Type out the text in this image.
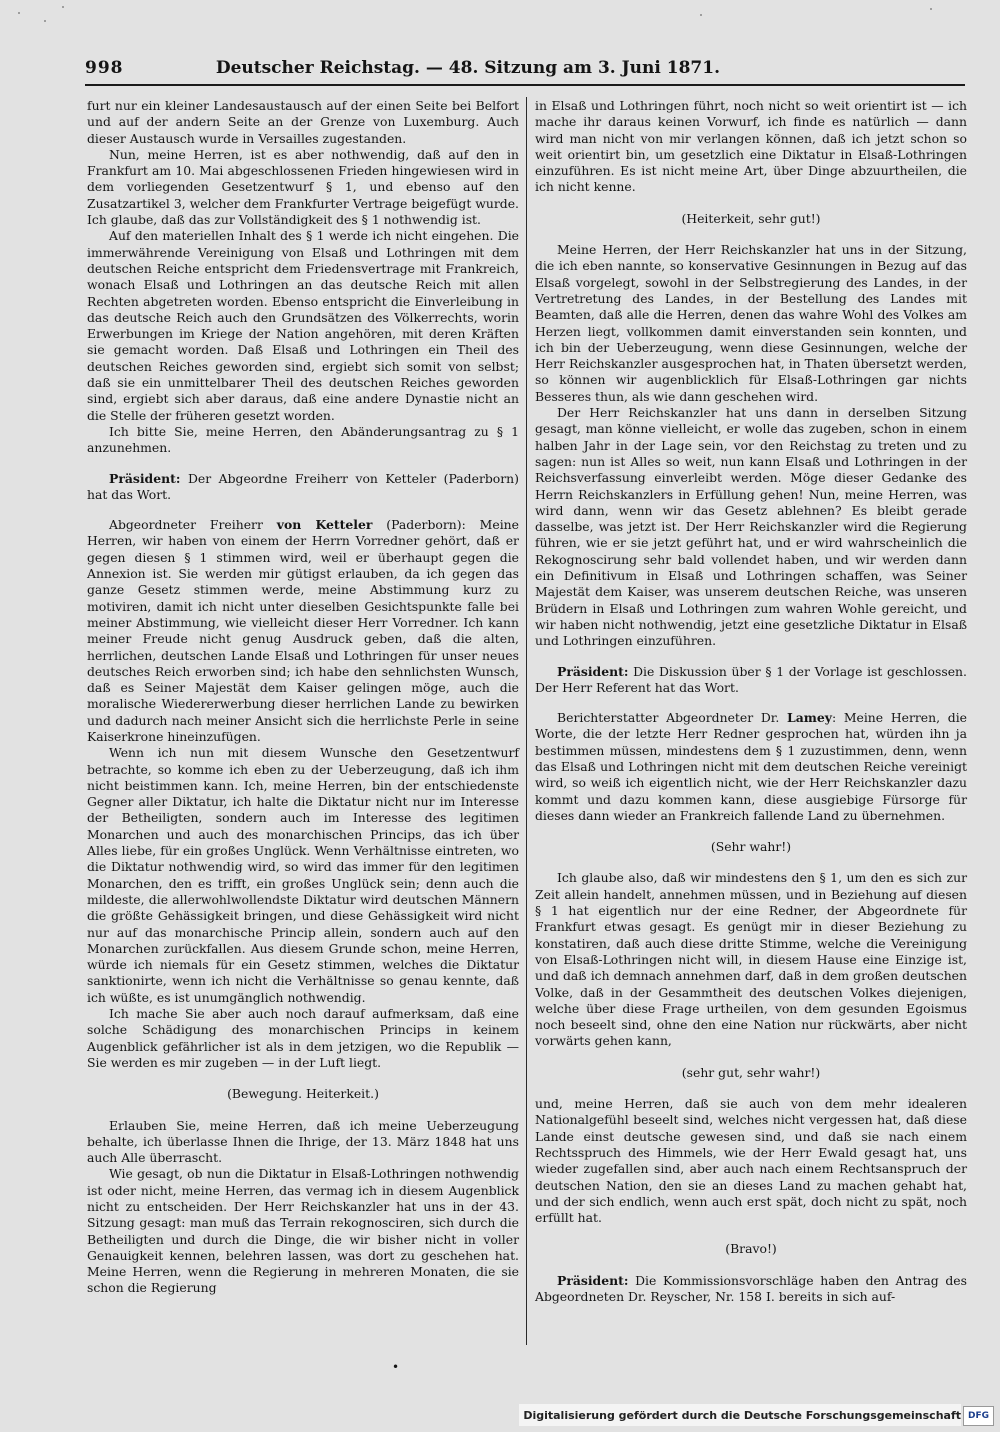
998	Deutscher Reichstag. — 48. Sitzung am 3. Juni 1871.

furt nur ein kleiner Landesaustausch auf der einen Seite bei Belfort und auf der andern Seite an der Grenze von Luxemburg. Auch dieser Austausch wurde in Versailles zugestanden.

Nun, meine Herren, ist es aber nothwendig, daß auf den in Frankfurt am 10. Mai abgeschlossenen Frieden hingewiesen wird in dem vorliegenden Gesetzentwurf § 1, und ebenso auf den Zusatzartikel 3, welcher dem Frankfurter Vertrage beigefügt wurde. Ich glaube, daß das zur Vollständigkeit des § 1 nothwendig ist.

Auf den materiellen Inhalt des § 1 werde ich nicht eingehen. Die immerwährende Vereinigung von Elsaß und Lothringen mit dem deutschen Reiche entspricht dem Friedensvertrage mit Frankreich, wonach Elsaß und Lothringen an das deutsche Reich mit allen Rechten abgetreten worden. Ebenso entspricht die Einverleibung in das deutsche Reich auch den Grundsätzen des Völkerrechts, worin Erwerbungen im Kriege der Nation angehören, mit deren Kräften sie gemacht worden. Daß Elsaß und Lothringen ein Theil des deutschen Reiches geworden sind, ergiebt sich somit von selbst; daß sie ein unmittelbarer Theil des deutschen Reiches geworden sind, ergiebt sich aber daraus, daß eine andere Dynastie nicht an die Stelle der früheren gesetzt worden.

Ich bitte Sie, meine Herren, den Abänderungsantrag zu § 1 anzunehmen.

Präsident: Der Abgeordne Freiherr von Ketteler (Paderborn) hat das Wort.

Abgeordneter Freiherr von Ketteler (Paderborn): Meine Herren, wir haben von einem der Herrn Vorredner gehört, daß er gegen diesen § 1 stimmen wird, weil er überhaupt gegen die Annexion ist. Sie werden mir gütigst erlauben, da ich gegen das ganze Gesetz stimmen werde, meine Abstimmung kurz zu motiviren, damit ich nicht unter dieselben Gesichtspunkte falle bei meiner Abstimmung, wie vielleicht dieser Herr Vorredner. Ich kann meiner Freude nicht genug Ausdruck geben, daß die alten, herrlichen, deutschen Lande Elsaß und Lothringen für unser neues deutsches Reich erworben sind; ich habe den sehnlichsten Wunsch, daß es Seiner Majestät dem Kaiser gelingen möge, auch die moralische Wiedererwerbung dieser herrlichen Lande zu bewirken und dadurch nach meiner Ansicht sich die herrlichste Perle in seine Kaiserkrone hineinzufügen.

Wenn ich nun mit diesem Wunsche den Gesetzentwurf betrachte, so komme ich eben zu der Ueberzeugung, daß ich ihm nicht beistimmen kann. Ich, meine Herren, bin der entschiedenste Gegner aller Diktatur, ich halte die Diktatur nicht nur im Interesse der Betheiligten, sondern auch im Interesse des legitimen Monarchen und auch des monarchischen Princips, das ich über Alles liebe, für ein großes Unglück. Wenn Verhältnisse eintreten, wo die Diktatur nothwendig wird, so wird das immer für den legitimen Monarchen, den es trifft, ein großes Unglück sein; denn auch die mildeste, die allerwohlwollendste Diktatur wird deutschen Männern die größte Gehässigkeit bringen, und diese Gehässigkeit wird nicht nur auf das monarchische Princip allein, sondern auch auf den Monarchen zurückfallen. Aus diesem Grunde schon, meine Herren, würde ich niemals für ein Gesetz stimmen, welches die Diktatur sanktionirte, wenn ich nicht die Verhältnisse so genau kennte, daß ich wüßte, es ist unumgänglich nothwendig.

Ich mache Sie aber auch noch darauf aufmerksam, daß eine solche Schädigung des monarchischen Princips in keinem Augenblick gefährlicher ist als in dem jetzigen, wo die Republik — Sie werden es mir zugeben — in der Luft liegt.

(Bewegung. Heiterkeit.)

Erlauben Sie, meine Herren, daß ich meine Ueberzeugung behalte, ich überlasse Ihnen die Ihrige, der 13. März 1848 hat uns auch Alle überrascht.

Wie gesagt, ob nun die Diktatur in Elsaß-Lothringen nothwendig ist oder nicht, meine Herren, das vermag ich in diesem Augenblick nicht zu entscheiden. Der Herr Reichskanzler hat uns in der 43. Sitzung gesagt: man muß das Terrain rekognosciren, sich durch die Betheiligten und durch die Dinge, die wir bisher nicht in voller Genauigkeit kennen, belehren lassen, was dort zu geschehen hat. Meine Herren, wenn die Regierung in mehreren Monaten, die sie schon die Regierung

in Elsaß und Lothringen führt, noch nicht so weit orientirt ist — ich mache ihr daraus keinen Vorwurf, ich finde es natürlich — dann wird man nicht von mir verlangen können, daß ich jetzt schon so weit orientirt bin, um gesetzlich eine Diktatur in Elsaß-Lothringen einzuführen. Es ist nicht meine Art, über Dinge abzuurtheilen, die ich nicht kenne.

(Heiterkeit, sehr gut!)

Meine Herren, der Herr Reichskanzler hat uns in der Sitzung, die ich eben nannte, so konservative Gesinnungen in Bezug auf das Elsaß vorgelegt, sowohl in der Selbstregierung des Landes, in der Vertretretung des Landes, in der Bestellung des Landes mit Beamten, daß alle die Herren, denen das wahre Wohl des Volkes am Herzen liegt, vollkommen damit einverstanden sein konnten, und ich bin der Ueberzeugung, wenn diese Gesinnungen, welche der Herr Reichskanzler ausgesprochen hat, in Thaten übersetzt werden, so können wir augenblicklich für Elsaß-Lothringen gar nichts Besseres thun, als wie dann geschehen wird.

Der Herr Reichskanzler hat uns dann in derselben Sitzung gesagt, man könne vielleicht, er wolle das zugeben, schon in einem halben Jahr in der Lage sein, vor den Reichstag zu treten und zu sagen: nun ist Alles so weit, nun kann Elsaß und Lothringen in der Reichsverfassung einverleibt werden. Möge dieser Gedanke des Herrn Reichskanzlers in Erfüllung gehen! Nun, meine Herren, was wird dann, wenn wir das Gesetz ablehnen? Es bleibt gerade dasselbe, was jetzt ist. Der Herr Reichskanzler wird die Regierung führen, wie er sie jetzt geführt hat, und er wird wahrscheinlich die Rekognoscirung sehr bald vollendet haben, und wir werden dann ein Definitivum in Elsaß und Lothringen schaffen, was Seiner Majestät dem Kaiser, was unserem deutschen Reiche, was unseren Brüdern in Elsaß und Lothringen zum wahren Wohle gereicht, und wir haben nicht nothwendig, jetzt eine gesetzliche Diktatur in Elsaß und Lothringen einzuführen.

Präsident: Die Diskussion über § 1 der Vorlage ist geschlossen. Der Herr Referent hat das Wort.

Berichterstatter Abgeordneter Dr. Lamey: Meine Herren, die Worte, die der letzte Herr Redner gesprochen hat, würden ihn ja bestimmen müssen, mindestens dem § 1 zuzustimmen, denn, wenn das Elsaß und Lothringen nicht mit dem deutschen Reiche vereinigt wird, so weiß ich eigentlich nicht, wie der Herr Reichskanzler dazu kommt und dazu kommen kann, diese ausgiebige Fürsorge für dieses dann wieder an Frankreich fallende Land zu übernehmen.

(Sehr wahr!)

Ich glaube also, daß wir mindestens den § 1, um den es sich zur Zeit allein handelt, annehmen müssen, und in Beziehung auf diesen § 1 hat eigentlich nur der eine Redner, der Abgeordnete für Frankfurt etwas gesagt. Es genügt mir in dieser Beziehung zu konstatiren, daß auch diese dritte Stimme, welche die Vereinigung von Elsaß-Lothringen nicht will, in diesem Hause eine Einzige ist, und daß ich demnach annehmen darf, daß in dem großen deutschen Volke, daß in der Gesammtheit des deutschen Volkes diejenigen, welche über diese Frage urtheilen, von dem gesunden Egoismus noch beseelt sind, ohne den eine Nation nur rückwärts, aber nicht vorwärts gehen kann,

(sehr gut, sehr wahr!)

und, meine Herren, daß sie auch von dem mehr idealeren Nationalgefühl beseelt sind, welches nicht vergessen hat, daß diese Lande einst deutsche gewesen sind, und daß sie nach einem Rechtsspruch des Himmels, wie der Herr Ewald gesagt hat, uns wieder zugefallen sind, aber auch nach einem Rechtsanspruch der deutschen Nation, den sie an dieses Land zu machen gehabt hat, und der sich endlich, wenn auch erst spät, doch nicht zu spät, noch erfüllt hat.

(Bravo!)

Präsident: Die Kommissionsvorschläge haben den Antrag des Abgeordneten Dr. Reyscher, Nr. 158 I. bereits in sich auf-

•
Digitalisierung gefördert durch die Deutsche Forschungsgemeinschaft DFG
